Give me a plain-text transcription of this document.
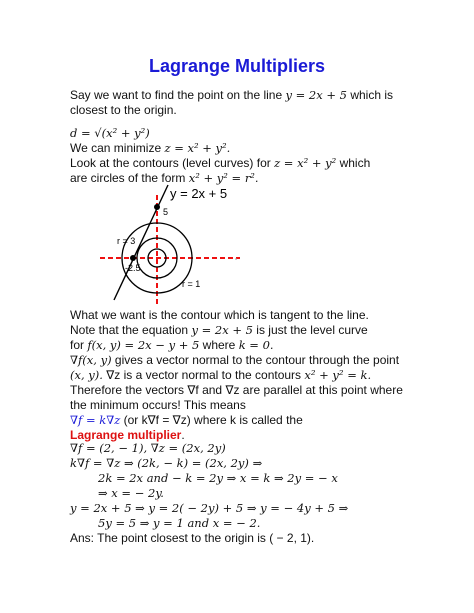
Lagrange Multipliers
Say we want to find the point on the line y = 2x + 5 which is
closest to the origin.
d = √(x² + y²)
We can minimize z = x² + y².
Look at the contours (level curves) for z = x² + y² which
are circles of the form x² + y² = r².
y = 2x + 5
5
r = 3
-2.5
r = 1
What we want is the contour which is tangent to the line.
Note that the equation y = 2x + 5 is just the level curve
for f(x, y) = 2x − y + 5 where k = 0.
∇f(x, y) gives a vector normal to the contour through the point
(x, y). ∇z is a vector normal to the contours x² + y² = k.
Therefore the vectors ∇f and ∇z are parallel at this point where
the minimum occurs! This means
∇f = k∇z (or k∇f = ∇z) where k is called the
Lagrange multiplier.
∇f = (2, − 1), ∇z = (2x, 2y)
k∇f = ∇z ⇒ (2k, − k) = (2x, 2y) ⇒
2k = 2x and − k = 2y ⇒ x = k ⇒ 2y = − x
⇒ x = − 2y.
y = 2x + 5 ⇒ y = 2( − 2y) + 5 ⇒ y = − 4y + 5 ⇒
5y = 5 ⇒ y = 1 and x = − 2.
Ans: The point closest to the origin is ( − 2, 1).
